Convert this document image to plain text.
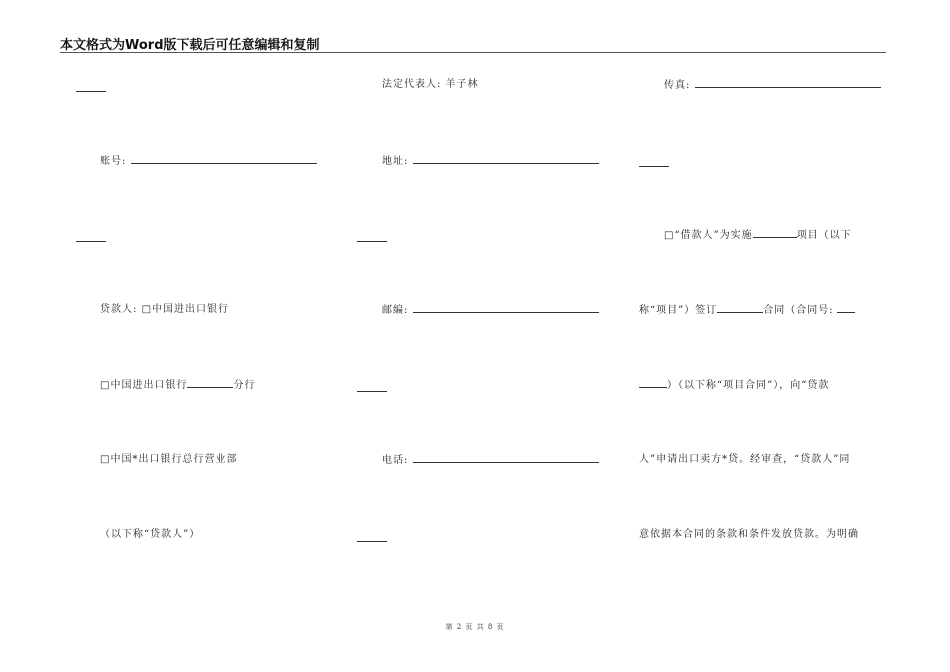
本文格式为Word版下载后可任意编辑和复制
账号:
贷款人: □中国进出口银行
□中国进出口银行	分行
□中国*出口银行总行营业部
（以下称“贷款人”）
法定代表人: 羊子林
地址:
邮编:
电话:
传真:
□“借款人”为实施	项目（以下
称“项目”）签订	合同（合同号:
）（以下称“项目合同”），向“贷款
人”申请出口卖方*贷。经审查，“贷款人”同
意依据本合同的条款和条件发放贷款。为明确
第 2 页 共 8 页
